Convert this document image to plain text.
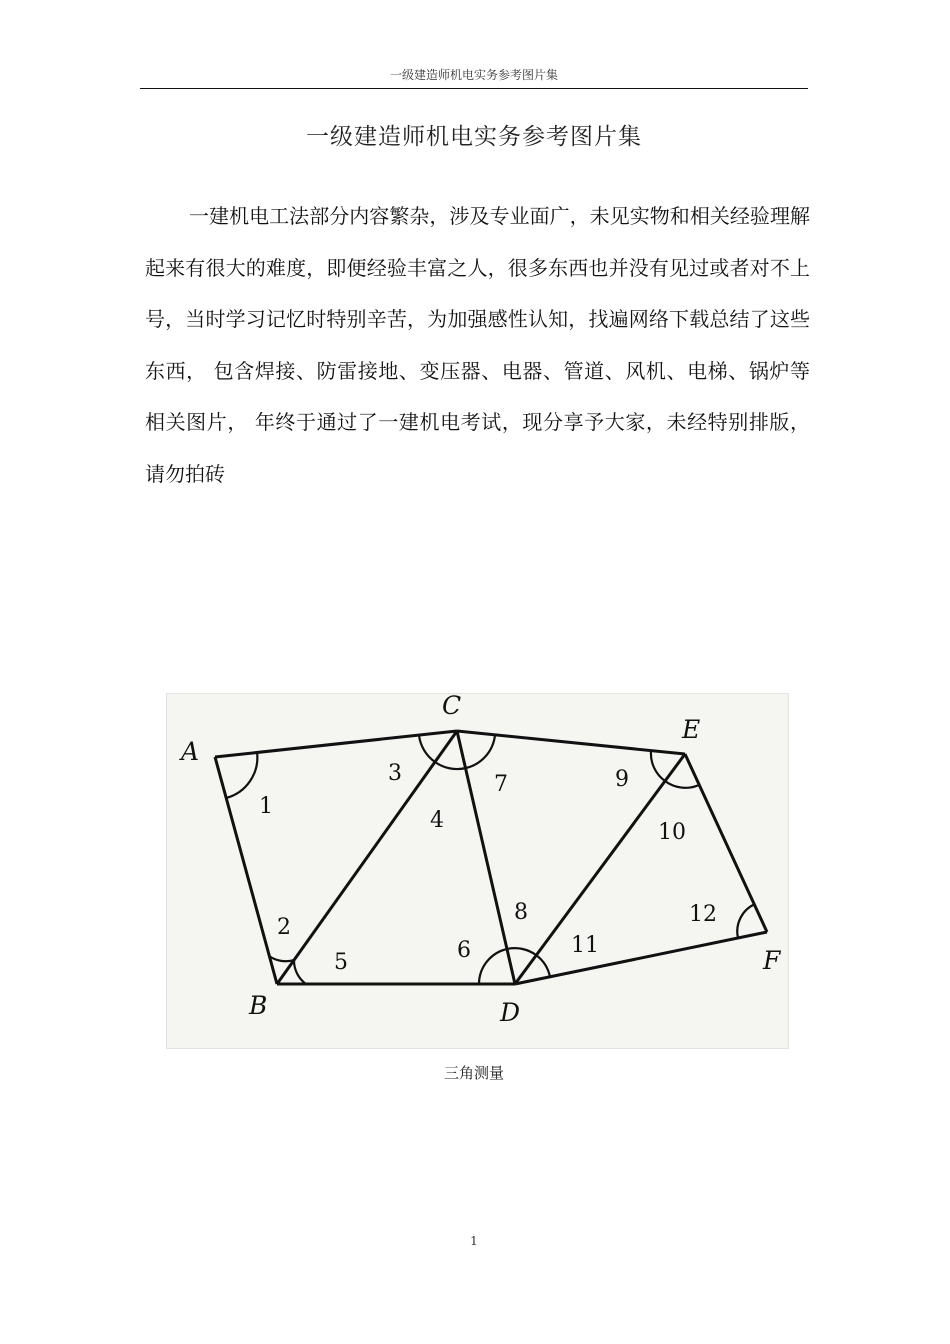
一级建造师机电实务参考图片集
一级建造师机电实务参考图片集

一建机电工法部分内容繁杂，涉及专业面广，未见实物和相关经验理解起来有很大的难度，即便经验丰富之人，很多东西也并没有见过或者对不上号，当时学习记忆时特别辛苦，为加强感性认知，找遍网络下载总结了这些东西， 包含焊接、防雷接地、变压器、电器、管道、风机、电梯、锅炉等相关图片， 年终于通过了一建机电考试，现分享予大家，未经特别排版，请勿拍砖

A
B
C
D
E
F
1
2
3
4
5	6
7
8
9
10
11
12
三角测量
1
